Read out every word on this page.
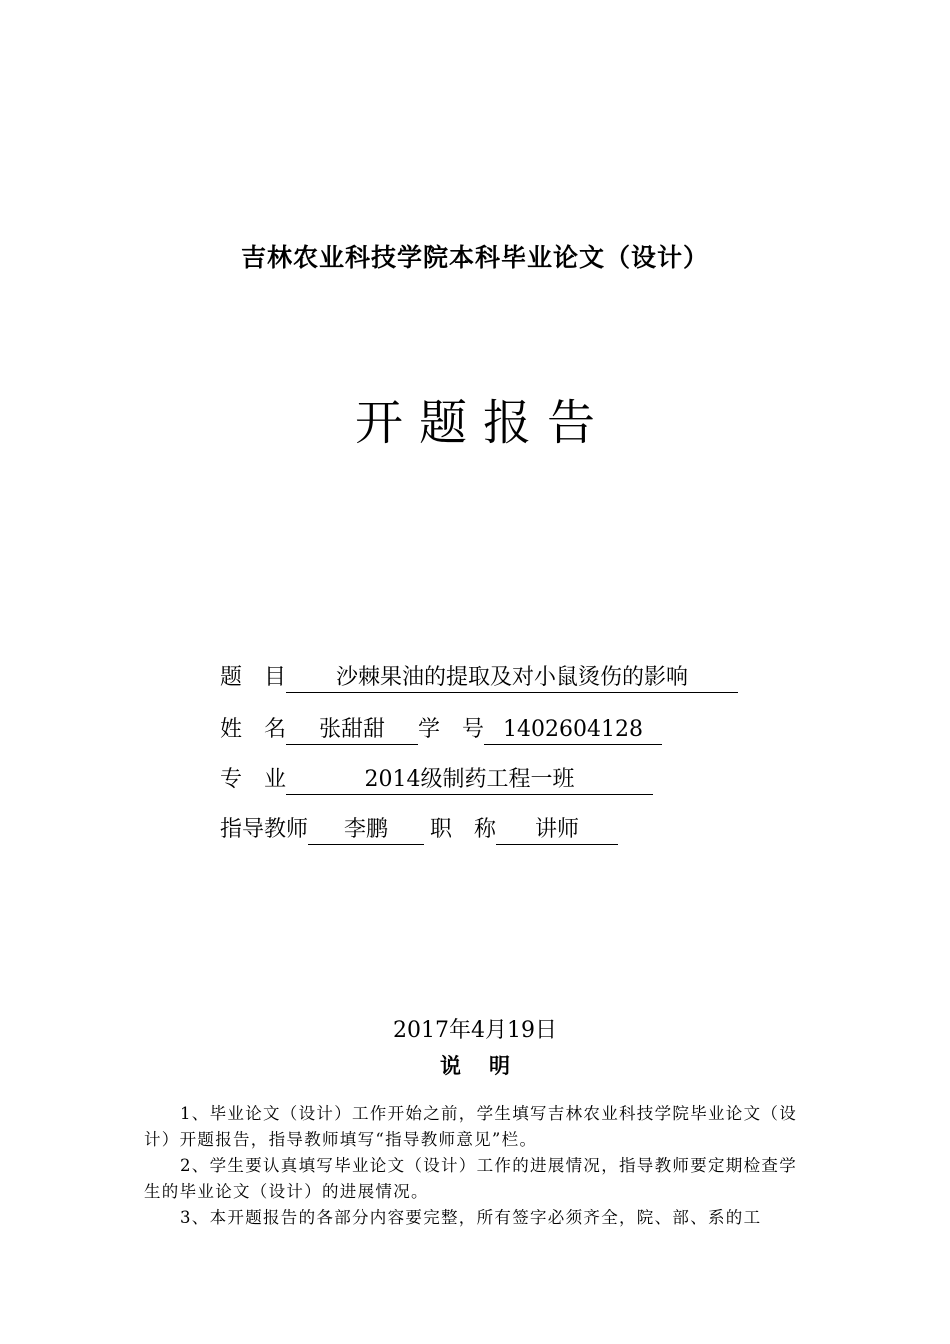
吉林农业科技学院本科毕业论文（设计）
开题报告
题　目 沙棘果油的提取及对小鼠烫伤的影响
姓　名 张甜甜 学　号 1402604128
专　业	2014级制药工程一班
指导教师 李鹏 职　称 讲师
2017年4月19日
说明
1、毕业论文（设计）工作开始之前，学生填写吉林农业科技学院毕业论文（设计）开题报告，指导教师填写“指导教师意见”栏。
2、学生要认真填写毕业论文（设计）工作的进展情况，指导教师要定期检查学生的毕业论文（设计）的进展情况。
3、本开题报告的各部分内容要完整，所有签字必须齐全，院、部、系的工
